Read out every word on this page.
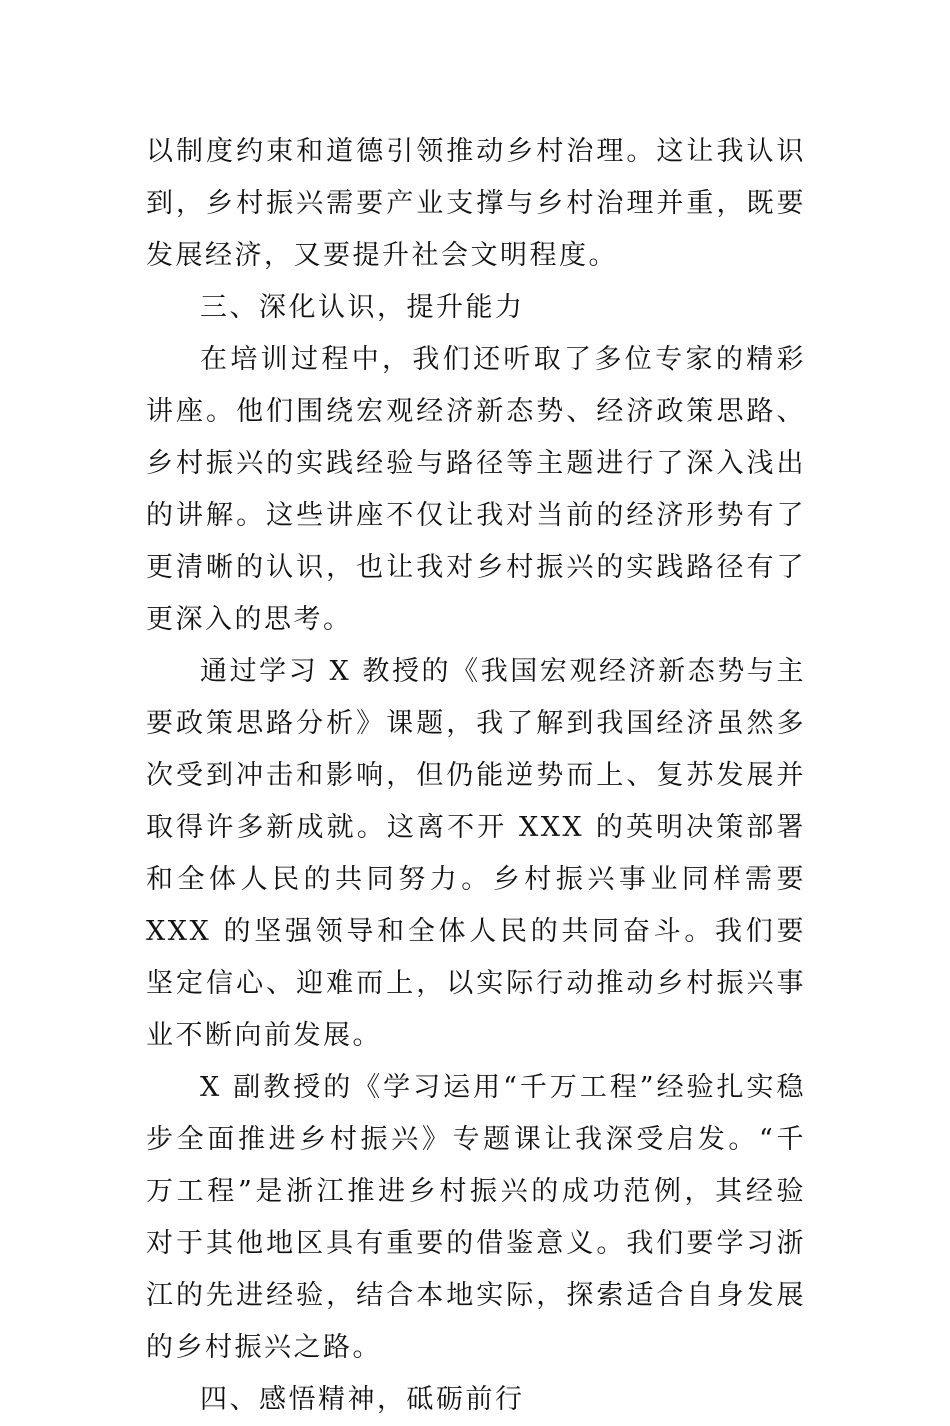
以制度约束和道德引领推动乡村治理。这让我认识到，乡村振兴需要产业支撑与乡村治理并重，既要发展经济，又要提升社会文明程度。

三、深化认识，提升能力

在培训过程中，我们还听取了多位专家的精彩讲座。他们围绕宏观经济新态势、经济政策思路、乡村振兴的实践经验与路径等主题进行了深入浅出的讲解。这些讲座不仅让我对当前的经济形势有了更清晰的认识，也让我对乡村振兴的实践路径有了更深入的思考。

通过学习 X 教授的《我国宏观经济新态势与主要政策思路分析》课题，我了解到我国经济虽然多次受到冲击和影响，但仍能逆势而上、复苏发展并取得许多新成就。这离不开 XXX 的英明决策部署和全体人民的共同努力。乡村振兴事业同样需要 XXX 的坚强领导和全体人民的共同奋斗。我们要坚定信心、迎难而上，以实际行动推动乡村振兴事业不断向前发展。

X 副教授的《学习运用“千万工程”经验扎实稳步全面推进乡村振兴》专题课让我深受启发。“千万工程”是浙江推进乡村振兴的成功范例，其经验对于其他地区具有重要的借鉴意义。我们要学习浙江的先进经验，结合本地实际，探索适合自身发展的乡村振兴之路。

四、感悟精神，砥砺前行
